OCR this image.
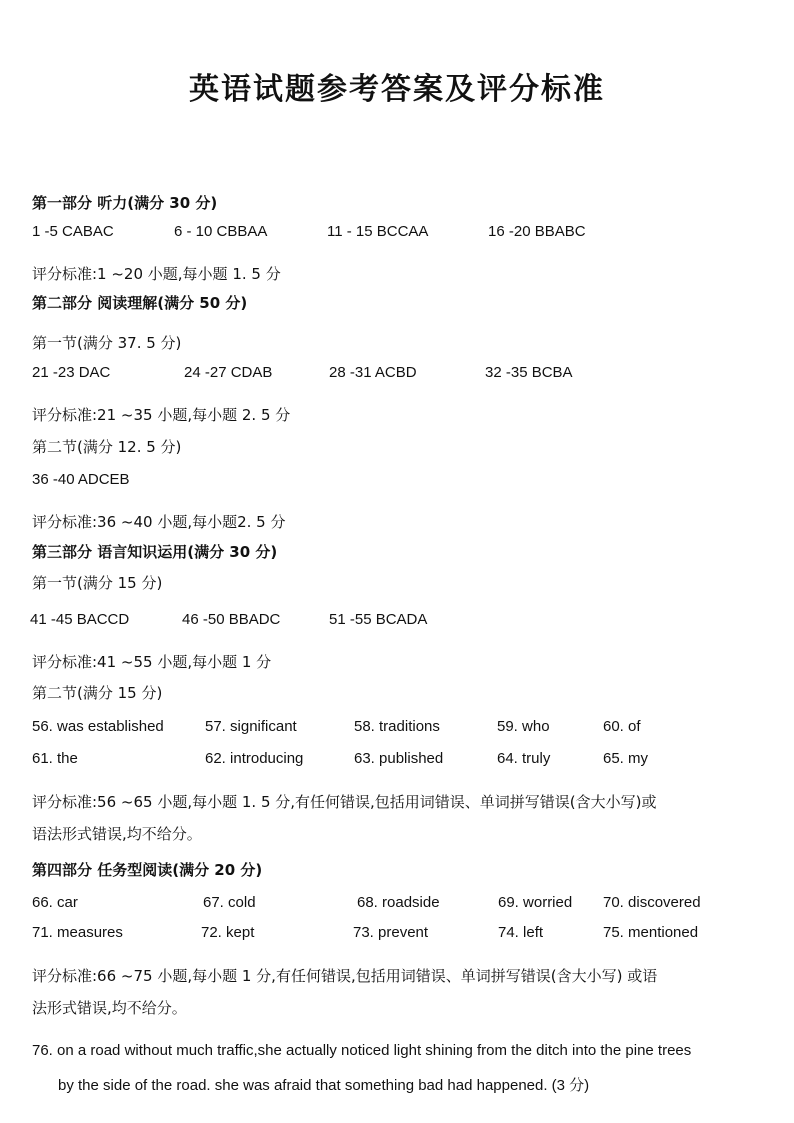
英语试题参考答案及评分标准
第一部分 听力(满分 30 分)
1 -5 CABAC	6 - 10 CBBAA	11 - 15 BCCAA	16 -20 BBABC
评分标准:1 ~20 小题,每小题 1. 5 分
第二部分 阅读理解(满分 50 分)
第一节(满分 37. 5 分)
21 -23 DAC	24 -27 CDAB	28 -31 ACBD	32 -35 BCBA
评分标准:21 ~35 小题,每小题 2. 5 分
第二节(满分 12. 5 分)
36 -40 ADCEB
评分标准:36 ~40 小题,每小题2. 5 分
第三部分 语言知识运用(满分 30 分)
第一节(满分 15 分)
41 -45 BACCD	46 -50 BBADC	51 -55 BCADA
评分标准:41 ~55 小题,每小题 1 分
第二节(满分 15 分)
56. was established	57. significant	58. traditions	59. who	60. of
61. the	62. introducing	63. published	64. truly	65. my
评分标准:56 ~65 小题,每小题 1. 5 分,有任何错误,包括用词错误、单词拼写错误(含大小写)或
语法形式错误,均不给分。
第四部分 任务型阅读(满分 20 分)
66. car	67. cold	68. roadside	69. worried 70. discovered
71. measures	72. kept	73. prevent	74. left	75. mentioned
评分标准:66 ~75 小题,每小题 1 分,有任何错误,包括用词错误、单词拼写错误(含大小写) 或语
法形式错误,均不给分。
76. on a road without much traffic,she actually noticed light shining from the ditch into the pine trees
by the side of the road. she was afraid that something bad had happened. (3 分)
